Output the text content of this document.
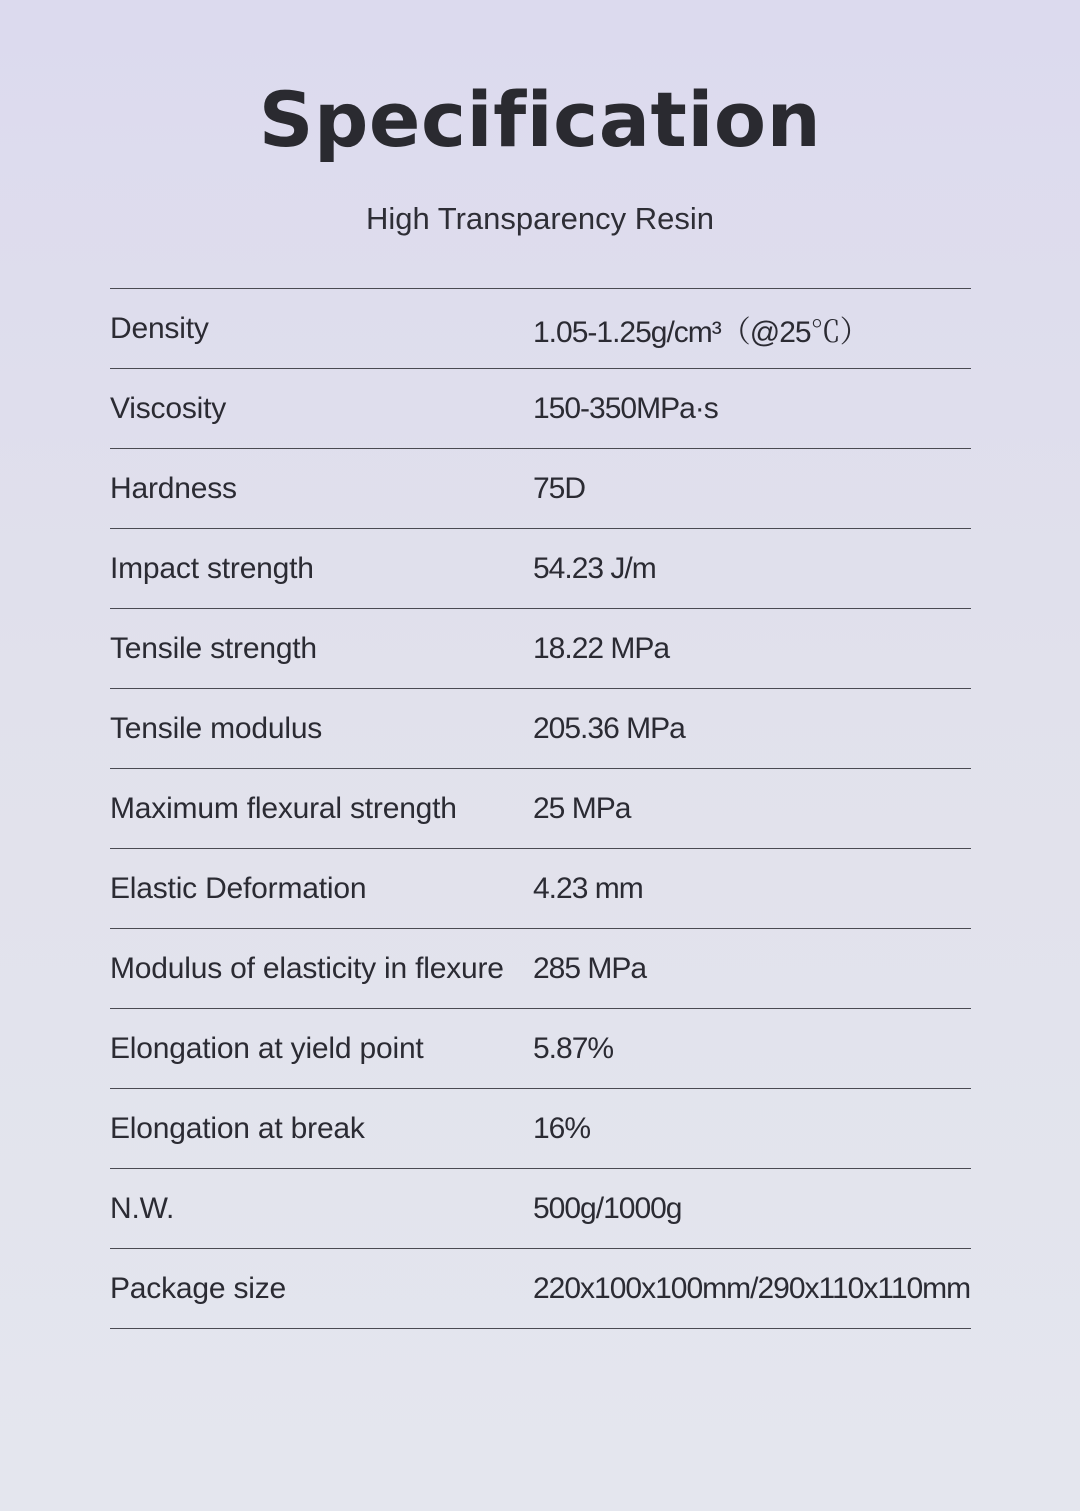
Specification
High Transparency Resin
Density	1.05-1.25g/cm³（@25℃）
Viscosity	150-350MPa·s
Hardness	75D
Impact strength	54.23 J/m
Tensile strength	18.22 MPa
Tensile modulus	205.36 MPa
Maximum flexural strength	25 MPa
Elastic Deformation	4.23 mm
Modulus of elasticity in flexure 285 MPa
Elongation at yield point	5.87%
Elongation at break	16%
N.W.	500g/1000g
Package size	220x100x100mm/290x110x110mm
